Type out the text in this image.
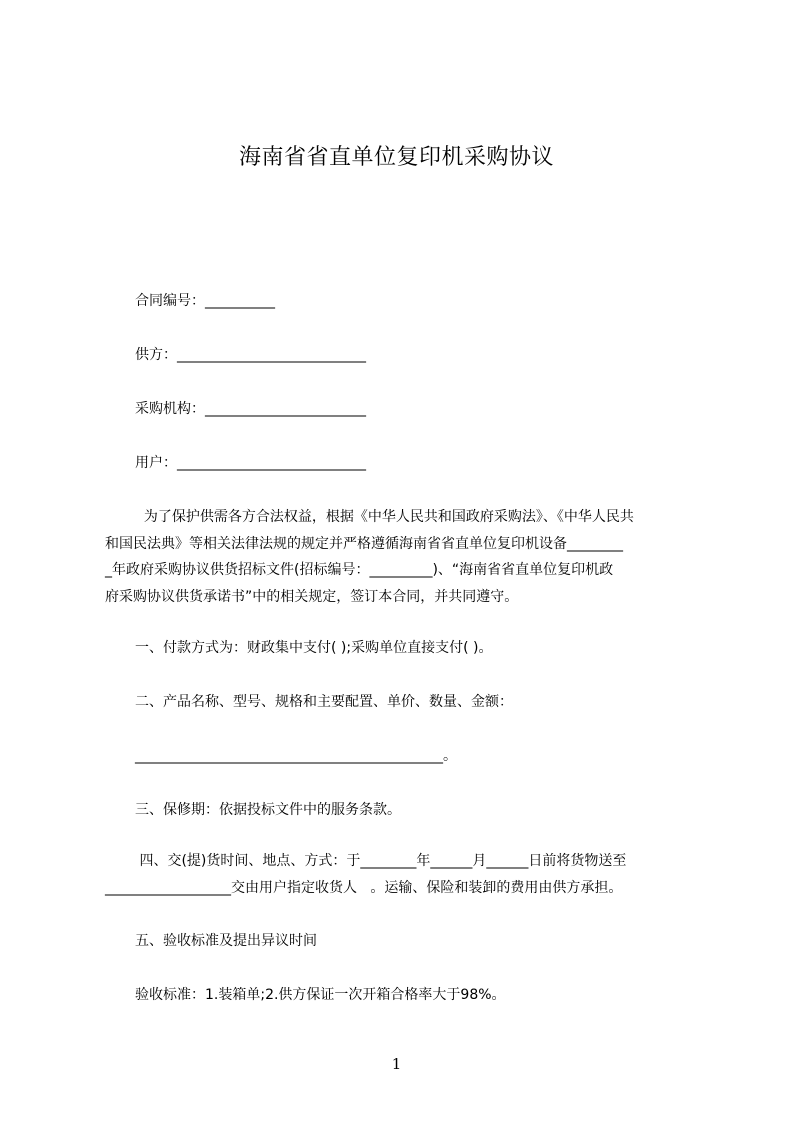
海南省省直单位复印机采购协议
合同编号：__________
供方：___________________________
采购机构：_______________________
用户：___________________________
为了保护供需各方合法权益，根据《中华人民共和国政府采购法》、《中华人民共
和国民法典》等相关法律法规的规定并严格遵循海南省省直单位复印机设备________
_年政府采购协议供货招标文件(招标编号：_________)、“海南省省直单位复印机政
府采购协议供货承诺书”中的相关规定，签订本合同，并共同遵守。
一、付款方式为：财政集中支付( );采购单位直接支付( )。
二、产品名称、型号、规格和主要配置、单价、数量、金额：
____________________________________________。
三、保修期：依据投标文件中的服务条款。
四、交(提)货时间、地点、方式：于________年______月______日前将货物送至
__________________交由用户指定收货人   。运输、保险和装卸的费用由供方承担。
五、验收标准及提出异议时间
验收标准：1.装箱单;2.供方保证一次开箱合格率大于98%。
1
